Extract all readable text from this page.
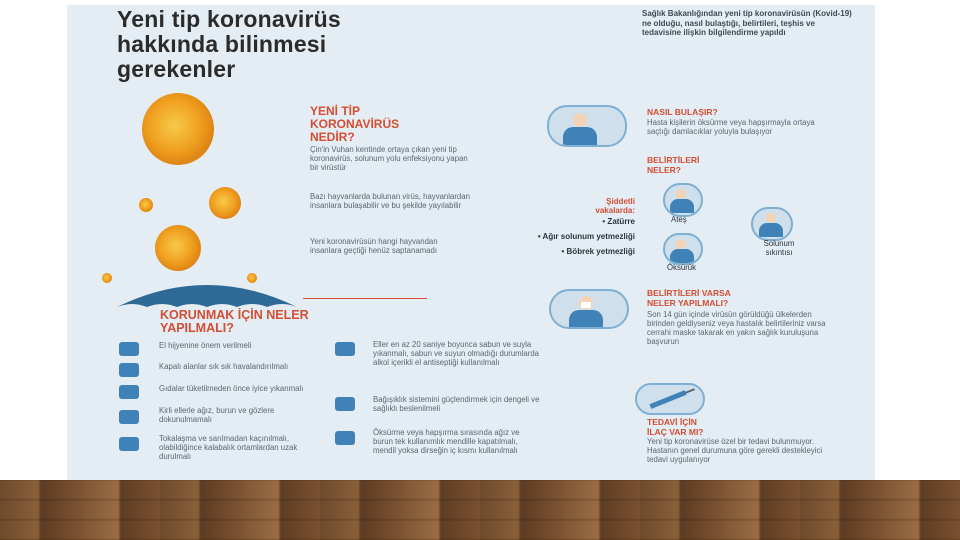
Yeni tip koronavirüs
hakkında bilinmesi
gerekenler
Sağlık Bakanlığından yeni tip koronavirüsün (Kovid-19) ne olduğu, nasıl bulaştığı, belirtileri, teşhis ve tedavisine ilişkin bilgilendirme yapıldı
YENİ TİP
KORONAVİRÜS
NEDİR?
Çin'in Vuhan kentinde ortaya çıkan yeni tip koronavirüs, solunum yolu enfeksiyonu yapan bir virüstür
Bazı hayvanlarda bulunan virüs, hayvanlardan insanlara bulaşabilir ve bu şekilde yayılabilir
Yeni koronavirüsün hangi hayvandan insanlara geçtiği henüz saptanamadı
Şiddetli
vakalarda:
• Zatürre
• Ağır solunum yetmezliği
• Böbrek yetmezliği
NASIL BULAŞIR?
Hasta kişilerin öksürme veya hapşırmayla ortaya saçtığı damlacıklar yoluyla bulaşıyor
BELİRTİLERİ
NELER?
Ateş
Solunum
sıkıntısı
Öksürük
BELİRTİLERİ VARSA
NELER YAPILMALI?
Son 14 gün içinde virüsün görüldüğü ülkelerden birinden geldiyseniz veya hastalık belirtileriniz varsa cerrahi maske takarak en yakın sağlık kuruluşuna başvurun
TEDAVİ İÇİN
İLAÇ VAR MI?
Yeni tip koronavirüse özel bir tedavi bulunmuyor. Hastanın genel durumuna göre gerekli destekleyici tedavi uygulanıyor
KORUNMAK İÇİN NELER
YAPILMALI?
El hijyenine önem verilmeli
Kapalı alanlar sık sık havalandırılmalı
Gıdalar tüketilmeden önce iyice yıkanmalı
Kirli ellerle ağız, burun ve gözlere dokunulmamalı
Tokalaşma ve sarılmadan kaçınılmalı, olabildiğince kalabalık ortamlardan uzak durulmalı
Eller en az 20 saniye boyunca sabun ve suyla yıkanmalı, sabun ve suyun olmadığı durumlarda alkol içerikli el antiseptiği kullanılmalı
Bağışıklık sistemini güçlendirmek için dengeli ve sağlıklı beslenilmeli
Öksürme veya hapşırma sırasında ağız ve burun tek kullanımlık mendille kapatılmalı, mendil yoksa dirseğin iç kısmı kullanılmalı
